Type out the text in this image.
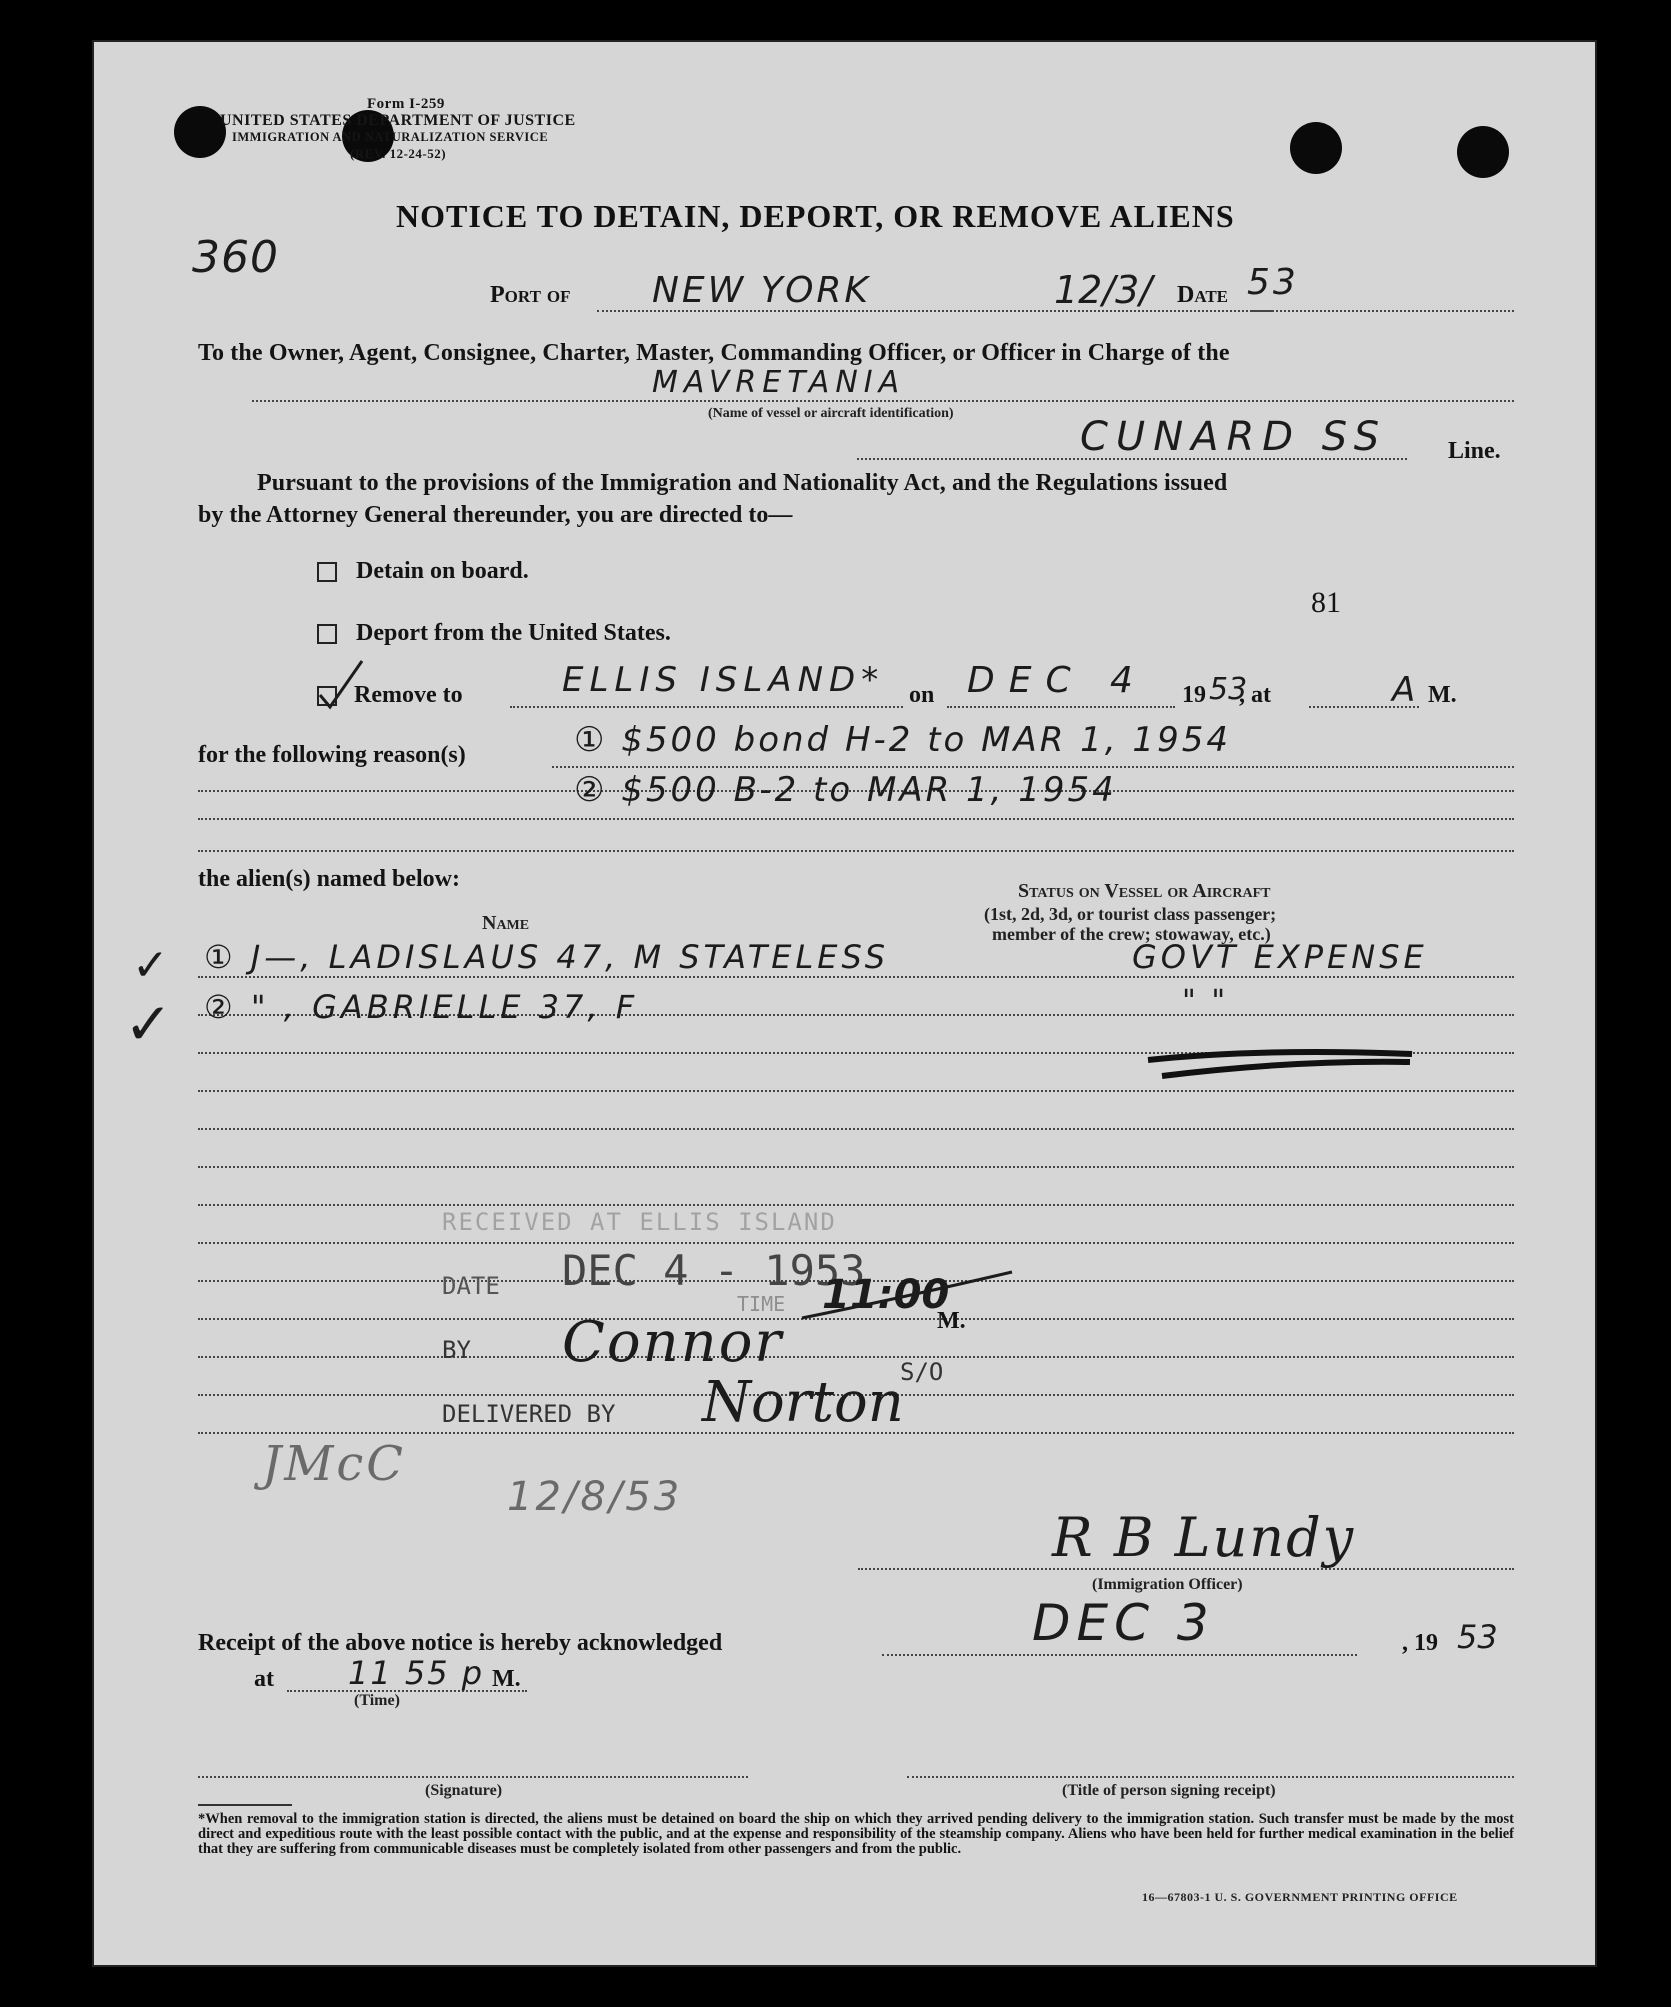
Form I-259
UNITED STATES DEPARTMENT OF JUSTICE
IMMIGRATION AND NATURALIZATION SERVICE
(REV. 12-24-52)
360
NOTICE TO DETAIN, DEPORT, OR REMOVE ALIENS
Port of NEW YORK	12/3/ Date 53
To the Owner, Agent, Consignee, Charter, Master, Commanding Officer, or Officer in Charge of the
MAVRETANIA
(Name of vessel or aircraft identification)
CUNARD SS	Line.
Pursuant to the provisions of the Immigration and Nationality Act, and the Regulations issued
by the Attorney General thereunder, you are directed to—
Detain on board.
81
Deport from the United States.
Remove to	ELLIS ISLAND* on DEC 4 19 53
, at	A M.
for the following reason(s)	① $500 bond H-2 to MAR 1, 1954
② $500 B-2 to MAR 1, 1954
the alien(s) named below:
Name
Status on Vessel or Aircraft
(1st, 2d, 3d, or tourist class passenger;
member of the crew; stowaway, etc.)
① J—, LADISLAUS 47, M STATELESS	GOVT EXPENSE
② " , GABRIELLE 37, F	" "
✓
✓
RECEIVED AT ELLIS ISLAND
DATE DEC 4 - 1953
TIME 11:00
M.
BY Connor	S/O
DELIVERED BY Norton
JMcC
12/8/53
R B Lundy
(Immigration Officer)
Receipt of the above notice is hereby acknowledged	DEC 3	, 19 53
at 11 55 p M.
(Time)
(Signature)	(Title of person signing receipt)
*When removal to the immigration station is directed, the aliens must be detained on board the ship on which they arrived pending delivery to the immigration station. Such transfer must be made by the most direct and expeditious route with the least possible contact with the public, and at the expense and responsibility of the steamship company. Aliens who have been held for further medical examination in the belief that they are suffering from communicable diseases must be completely isolated from other passengers and from the public.
16—67803-1 U. S. GOVERNMENT PRINTING OFFICE
